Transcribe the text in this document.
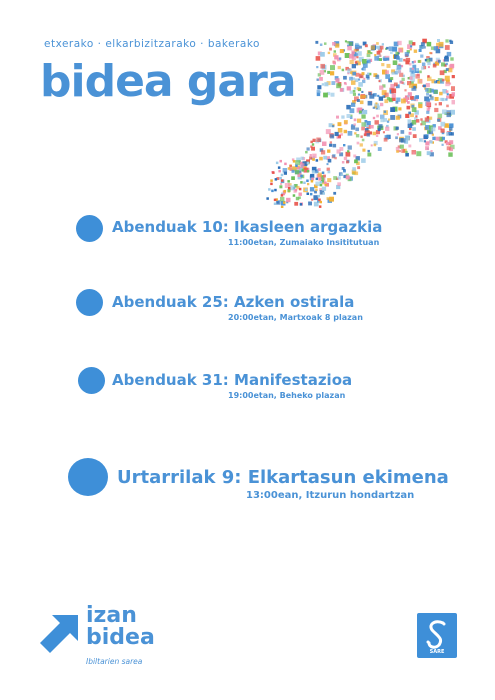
etxerako · elkarbizitzarako · bakerako
bidea gara
Abenduak 10: Ikasleen argazkia
11:00etan, Zumaiako Insititutuan
Abenduak 25: Azken ostirala
20:00etan, Martxoak 8 plazan
Abenduak 31: Manifestazioa
19:00etan, Beheko plazan
Urtarrilak 9: Elkartasun ekimena
13:00ean, Itzurun hondartzan
izan
bidea
Ibiltarien sarea
SARE
